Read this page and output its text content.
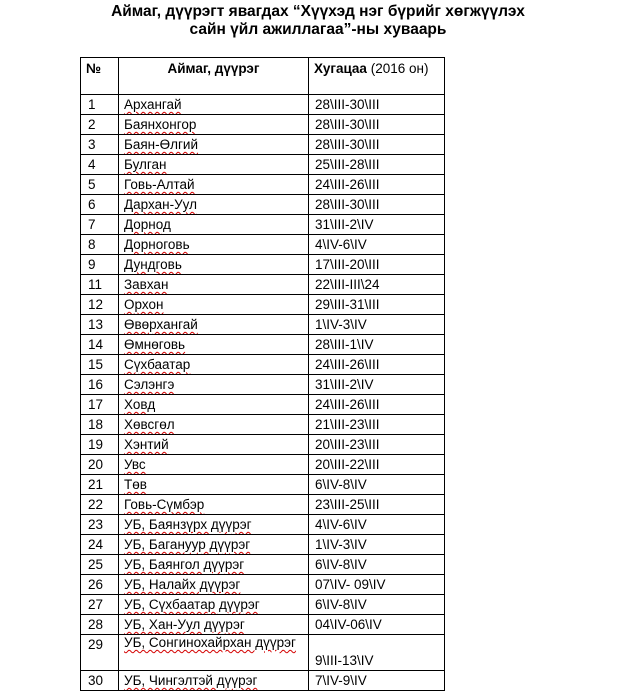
Аймаг, дүүрэгт явагдах “Хүүхэд нэг бүрийг хөгжүүлэх
сайн үйл ажиллагаа”-ны хуваарь
№	Аймаг, дүүрэг	Хугацаа (2016 он)
1	Архангай	28\III-30\III
2	Баянхонгор	28\III-30\III
3	Баян-Өлгий	28\III-30\III
4	Булган	25\III-28\III
5	Говь-Алтай	24\III-26\III
6	Дархан-Уул	28\III-30\III
7	Дорнод	31\III-2\IV
8	Дорноговь	4\IV-6\IV
9	Дундговь	17\III-20\III
11	Завхан	22\III-III\24
12	Орхон	29\III-31\III
13	Өвөрхангай	1\IV-3\IV
14	Өмнөговь	28\III-1\IV
15	Сүхбаатар	24\III-26\III
16	Сэлэнгэ	31\III-2\IV
17	Ховд	24\III-26\III
18	Хөвсгөл	21\III-23\III
19	Хэнтий	20\III-23\III
20	Увс	20\III-22\III
21	Төв	6\IV-8\IV
22	Говь-Сүмбэр	23\III-25\III
23	УБ, Баянзүрх дүүрэг	4\IV-6\IV
24	УБ, Багануур дүүрэг	1\IV-3\IV
25	УБ, Баянгол дүүрэг	6\IV-8\IV
26	УБ, Налайх дүүрэг	07\IV- 09\IV
27	УБ, Сүхбаатар дүүрэг	6\IV-8\IV
28	УБ, Хан-Уул дүүрэг	04\IV-06\IV
29	УБ, Сонгинохайрхан дүүрэг	9\III-13\IV
30	УБ, Чингэлтэй дүүрэг	7\IV-9\IV
